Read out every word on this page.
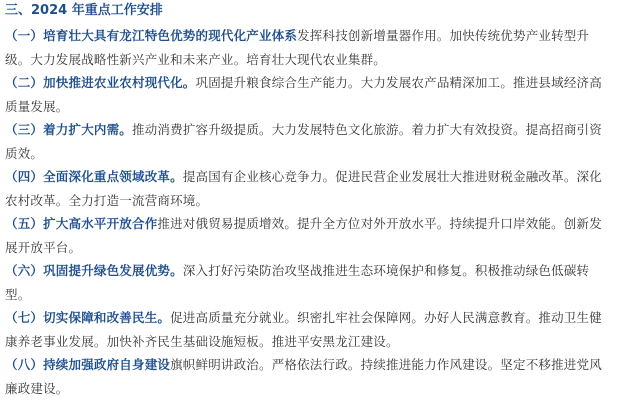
三、2024 年重点工作安排

（一）培育壮大具有龙江特色优势的现代化产业体系发挥科技创新增量器作用。加快传统优势产业转型升级。大力发展战略性新兴产业和未来产业。培育壮大现代农业集群。

（二）加快推进农业农村现代化。巩固提升粮食综合生产能力。大力发展农产品精深加工。推进县域经济高质量发展。

（三）着力扩大内需。推动消费扩容升级提质。大力发展特色文化旅游。着力扩大有效投资。提高招商引资质效。

（四）全面深化重点领域改革。提高国有企业核心竞争力。促进民营企业发展壮大推进财税金融改革。深化农村改革。全力打造一流营商环境。

（五）扩大高水平开放合作推进对俄贸易提质增效。提升全方位对外开放水平。持续提升口岸效能。创新发展开放平台。

（六）巩固提升绿色发展优势。深入打好污染防治攻坚战推进生态环境保护和修复。积极推动绿色低碳转型。

（七）切实保障和改善民生。促进高质量充分就业。织密扎牢社会保障网。办好人民满意教育。推动卫生健康养老事业发展。加快补齐民生基础设施短板。推进平安黑龙江建设。

（八）持续加强政府自身建设旗帜鲜明讲政治。严格依法行政。持续推进能力作风建设。坚定不移推进党风廉政建设。
